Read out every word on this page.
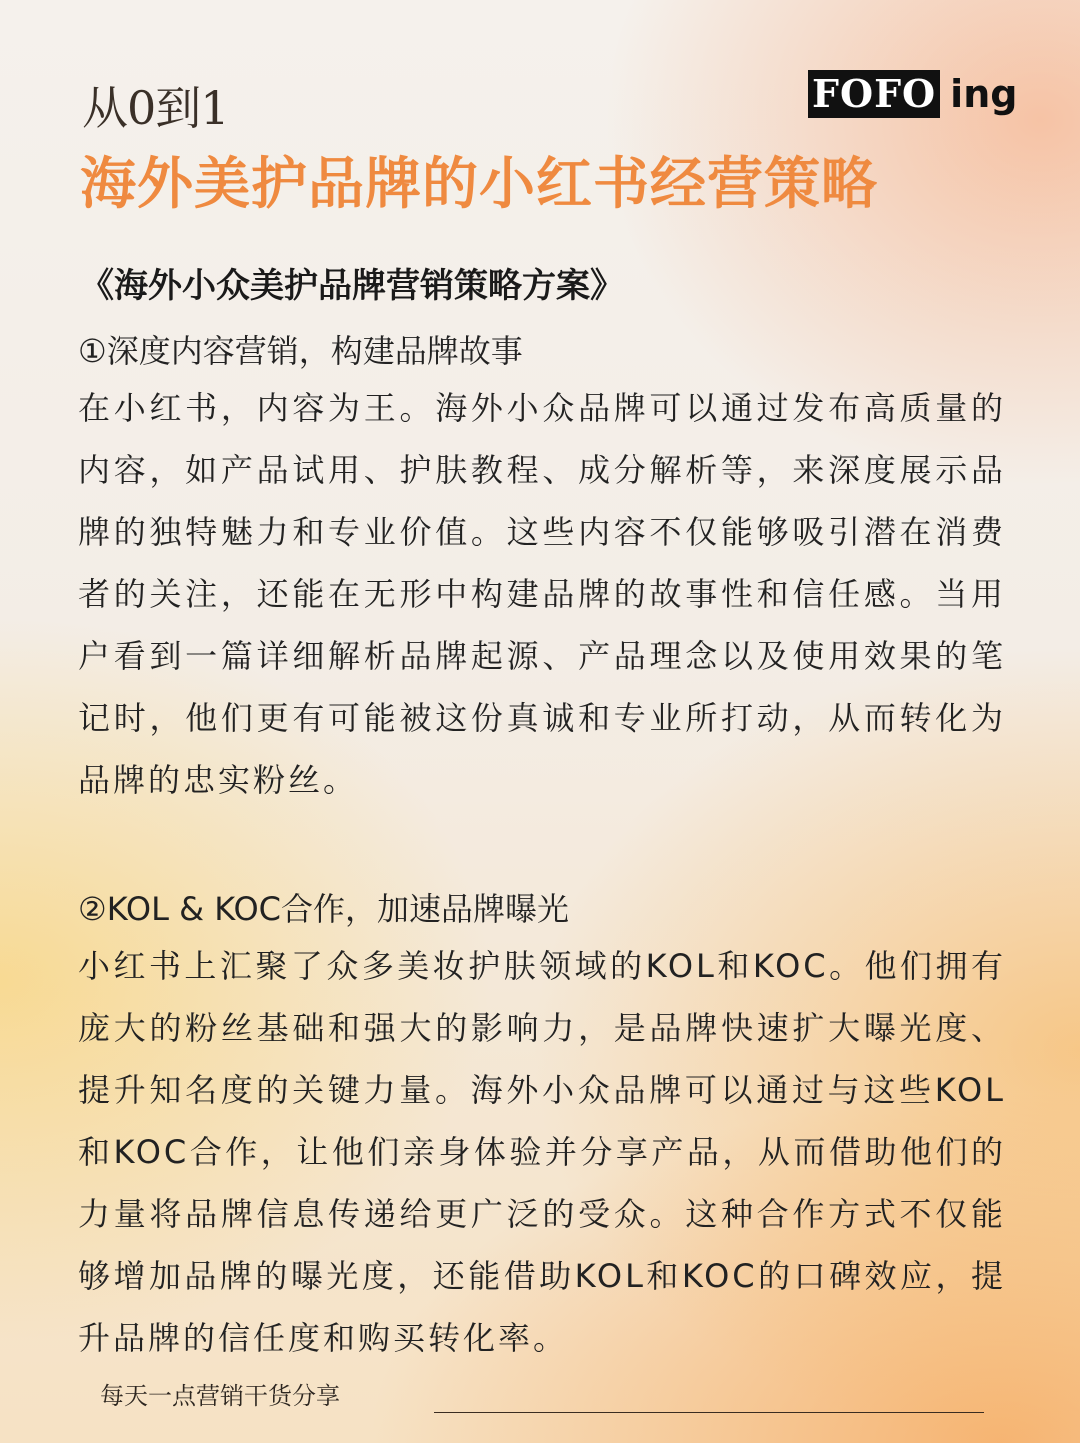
从0到1
海外美护品牌的小红书经营策略
FOFO ing
《海外小众美护品牌营销策略方案》
①深度内容营销，构建品牌故事

在小红书，内容为王。海外小众品牌可以通过发布高质量的内容，如产品试用、护肤教程、成分解析等，来深度展示品牌的独特魅力和专业价值。这些内容不仅能够吸引潜在消费者的关注，还能在无形中构建品牌的故事性和信任感。当用户看到一篇详细解析品牌起源、产品理念以及使用效果的笔记时，他们更有可能被这份真诚和专业所打动，从而转化为品牌的忠实粉丝。

②KOL & KOC合作，加速品牌曝光

小红书上汇聚了众多美妆护肤领域的KOL和KOC。他们拥有庞大的粉丝基础和强大的影响力，是品牌快速扩大曝光度、提升知名度的关键力量。海外小众品牌可以通过与这些KOL和KOC合作，让他们亲身体验并分享产品，从而借助他们的力量将品牌信息传递给更广泛的受众。这种合作方式不仅能够增加品牌的曝光度，还能借助KOL和KOC的口碑效应，提升品牌的信任度和购买转化率。

每天一点营销干货分享
